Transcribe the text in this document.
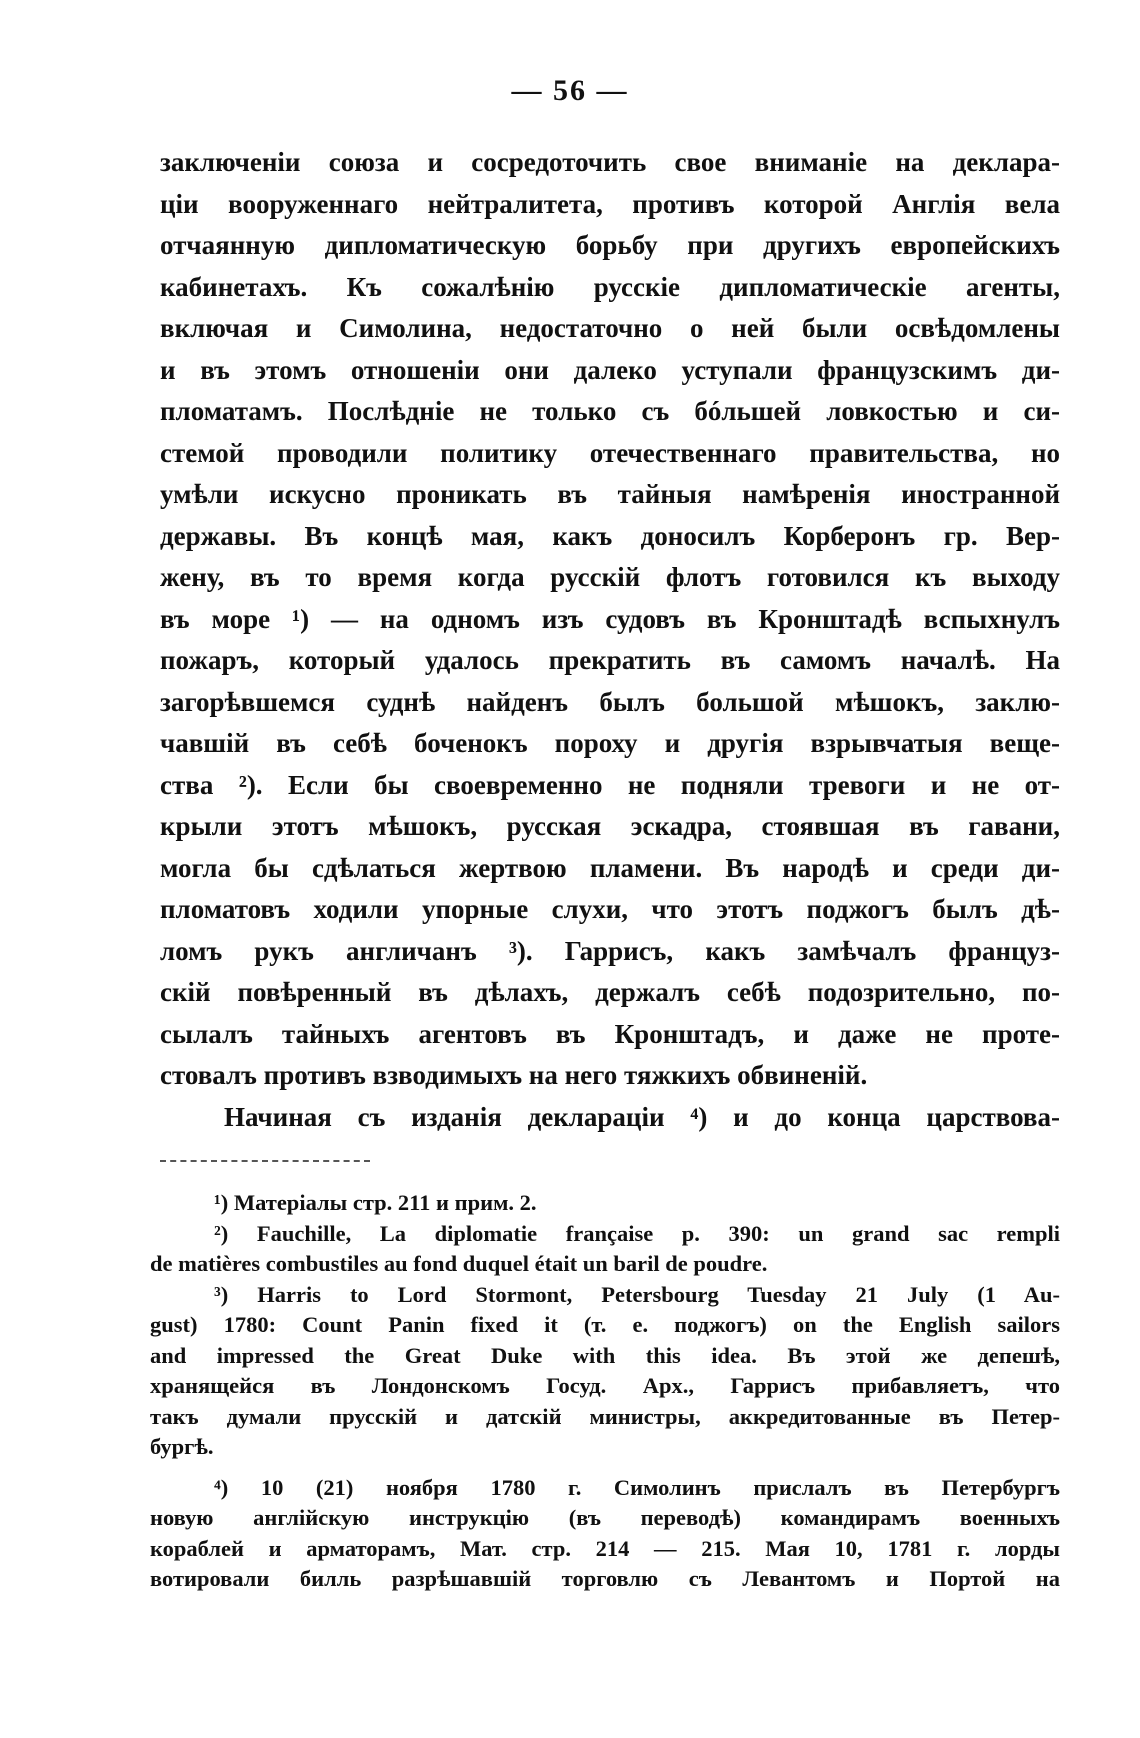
— 56 —
заключеніи союза и сосредоточить свое вниманіе на деклара-
ціи вооруженнаго нейтралитета, противъ которой Англія вела
отчаянную дипломатическую борьбу при другихъ европейскихъ
кабинетахъ. Къ сожалѣнію русскіе дипломатическіе агенты,
включая и Симолина, недостаточно о ней были освѣдомлены
и въ этомъ отношеніи они далеко уступали французскимъ ди-
пломатамъ. Послѣдніе не только съ бóльшей ловкостью и си-
стемой проводили политику отечественнаго правительства, но
умѣли искусно проникать въ тайныя намѣренія иностранной
державы. Въ концѣ мая, какъ доносилъ Корберонъ гр. Вер-
жену, въ то время когда русскій флотъ готовился къ выходу
въ море ¹) — на одномъ изъ судовъ въ Кронштадѣ вспыхнулъ
пожаръ, который удалось прекратить въ самомъ началѣ. На
загорѣвшемся суднѣ найденъ былъ большой мѣшокъ, заклю-
чавшій въ себѣ боченокъ пороху и другія взрывчатыя веще-
ства ²). Если бы своевременно не подняли тревоги и не от-
крыли этотъ мѣшокъ, русская эскадра, стоявшая въ гавани,
могла бы сдѣлаться жертвою пламени. Въ народѣ и среди ди-
пломатовъ ходили упорные слухи, что этотъ поджогъ былъ дѣ-
ломъ рукъ англичанъ ³). Гаррисъ, какъ замѣчалъ француз-
скій повѣренный въ дѣлахъ, держалъ себѣ подозрительно, по-
сылалъ тайныхъ агентовъ въ Кронштадъ, и даже не проте-
стовалъ противъ взводимыхъ на него тяжкихъ обвиненій.
Начиная съ изданія деклараціи ⁴) и до конца царствова-
¹) Матеріалы стр. 211 и прим. 2.
²) Fauchille, La diplomatie française p. 390: un grand sac rempli
de matières combustiles au fond duquel était un baril de poudre.
³) Harris to Lord Stormont, Petersbourg Tuesday 21 July (1 Au-
gust) 1780: Count Panin fixed it (т. е. поджогъ) on the English sailors
and impressed the Great Duke with this idea. Въ этой же депешѣ,
хранящейся въ Лондонскомъ Госуд. Арх., Гаррисъ прибавляетъ, что
такъ думали прусскій и датскій министры, аккредитованные въ Петер-
бургѣ.
⁴) 10 (21) ноября 1780 г. Симолинъ прислалъ въ Петербургъ
новую англійскую инструкцію (въ переводѣ) командирамъ военныхъ
кораблей и арматорамъ, Мат. стр. 214 — 215. Мая 10, 1781 г. лорды
вотировали билль разрѣшавшій торговлю съ Левантомъ и Портой на
